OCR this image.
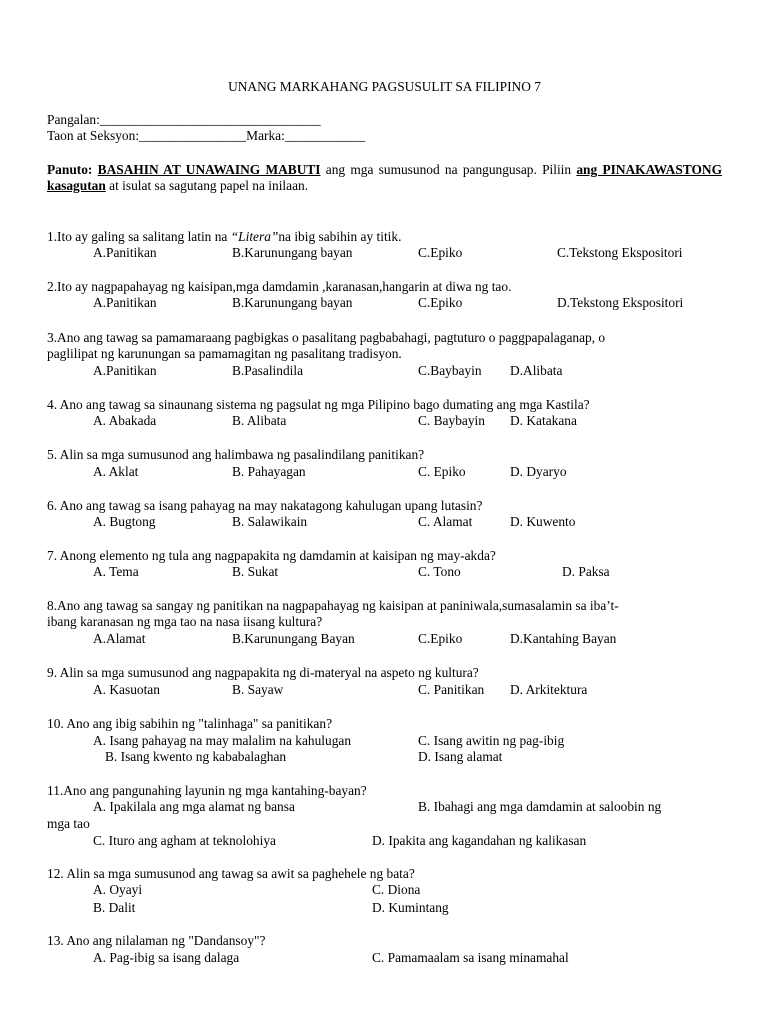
UNANG MARKAHANG PAGSUSULIT SA FILIPINO 7
Pangalan:_________________________________
Taon at Seksyon:________________Marka:____________
Panuto: BASAHIN AT UNAWAING MABUTI ang mga sumusunod na pangungusap. Piliin ang PINAKAWASTONG kasagutan at isulat sa sagutang papel na inilaan.
1.Ito ay galing sa salitang latin na “Litera”na ibig sabihin ay titik.
A.Panitikan	B.Karunungang bayan	C.Epiko	C.Tekstong Ekspositori
2.Ito ay nagpapahayag ng kaisipan,mga damdamin ,karanasan,hangarin at diwa ng tao.
A.Panitikan	B.Karunungang bayan	C.Epiko	D.Tekstong Ekspositori
3.Ano ang tawag sa pamamaraang pagbigkas o pasalitang pagbabahagi, pagtuturo o paggpapalaganap, o
paglilipat ng karunungan sa pamamagitan ng pasalitang tradisyon.
A.Panitikan	B.Pasalindila	C.Baybayin D.Alibata
4. Ano ang tawag sa sinaunang sistema ng pagsulat ng mga Pilipino bago dumating ang mga Kastila?
A. Abakada	B. Alibata	C. Baybayin D. Katakana
5. Alin sa mga sumusunod ang halimbawa ng pasalindilang panitikan?
A. Aklat	B. Pahayagan	C. Epiko	D. Dyaryo
6. Ano ang tawag sa isang pahayag na may nakatagong kahulugan upang lutasin?
A. Bugtong	B. Salawikain	C. Alamat	D. Kuwento
7. Anong elemento ng tula ang nagpapakita ng damdamin at kaisipan ng may-akda?
A. Tema	B. Sukat	C. Tono	D. Paksa
8.Ano ang tawag sa sangay ng panitikan na nagpapahayag ng kaisipan at paniniwala,sumasalamin sa iba’t-
ibang karanasan ng mga tao na nasa iisang kultura?
A.Alamat	B.Karunungang Bayan	C.Epiko	D.Kantahing Bayan
9. Alin sa mga sumusunod ang nagpapakita ng di-materyal na aspeto ng kultura?
A. Kasuotan	B. Sayaw	C. Panitikan D. Arkitektura
10. Ano ang ibig sabihin ng "talinhaga" sa panitikan?
A. Isang pahayag na may malalim na kahulugan	C. Isang awitin ng pag-ibig
B. Isang kwento ng kababalaghan	D. Isang alamat
11.Ano ang pangunahing layunin ng mga kantahing-bayan?
A. Ipakilala ang mga alamat ng bansa	B. Ibahagi ang mga damdamin at saloobin ng
mga tao
C. Ituro ang agham at teknolohiya	D. Ipakita ang kagandahan ng kalikasan
12. Alin sa mga sumusunod ang tawag sa awit sa paghehele ng bata?
A. Oyayi	C. Diona
B. Dalit	D. Kumintang
13. Ano ang nilalaman ng "Dandansoy"?
A. Pag-ibig sa isang dalaga	C. Pamamaalam sa isang minamahal
